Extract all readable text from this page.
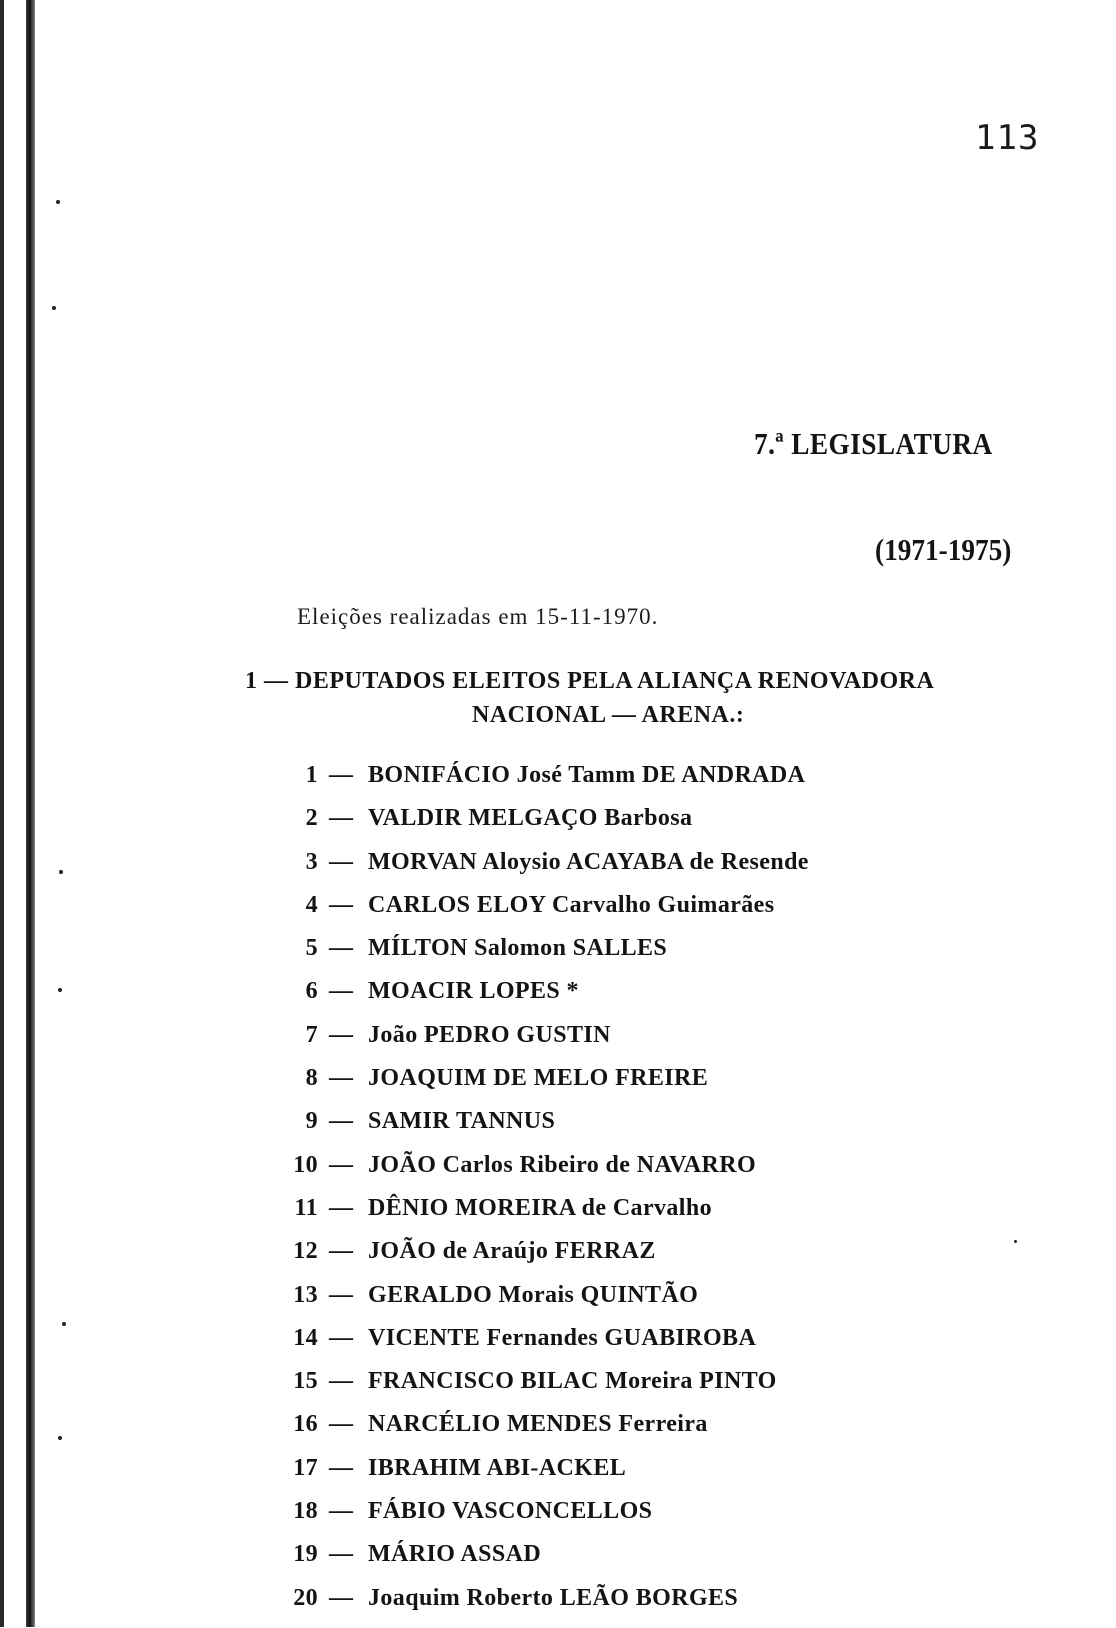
113
7.ª LEGISLATURA
(1971-1975)
Eleições realizadas em 15-11-1970.
1 — DEPUTADOS ELEITOS PELA ALIANÇA RENOVADORA
NACIONAL — ARENA.:
1 — BONIFÁCIO José Tamm DE ANDRADA
2 — VALDIR MELGAÇO Barbosa
3 — MORVAN Aloysio ACAYABA de Resende
4 — CARLOS ELOY Carvalho Guimarães
5 — MÍLTON Salomon SALLES
6 — MOACIR LOPES *
7 — João PEDRO GUSTIN
8 — JOAQUIM DE MELO FREIRE
9 — SAMIR TANNUS
10 — JOÃO Carlos Ribeiro de NAVARRO
11 — DÊNIO MOREIRA de Carvalho
12 — JOÃO de Araújo FERRAZ
13 — GERALDO Morais QUINTÃO
14 — VICENTE Fernandes GUABIROBA
15 — FRANCISCO BILAC Moreira PINTO
16 — NARCÉLIO MENDES Ferreira
17 — IBRAHIM ABI-ACKEL
18 — FÁBIO VASCONCELLOS
19 — MÁRIO ASSAD
20 — Joaquim Roberto LEÃO BORGES
